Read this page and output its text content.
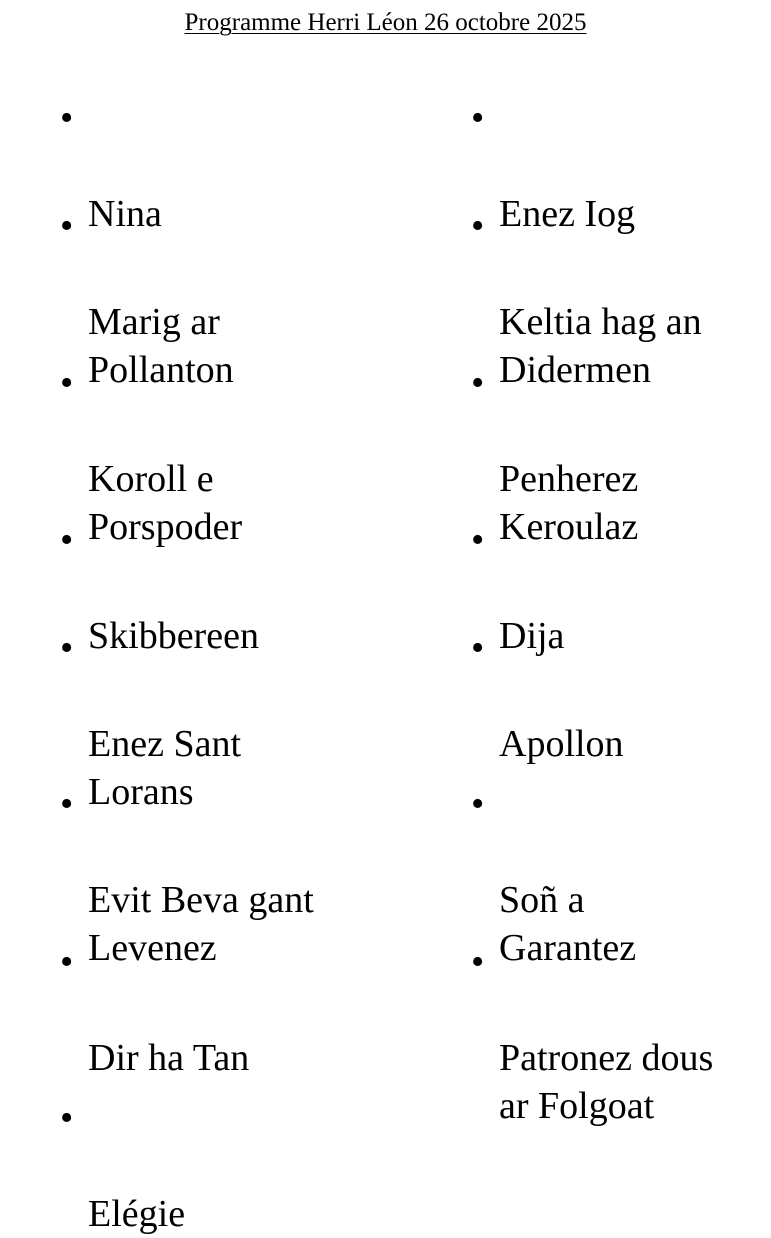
Programme Herri Léon 26 octobre 2025

•

Nina

•

Marig ar
Pollanton

•

Koroll e
Porspoder

•

Skibbereen

•

Enez Sant
Lorans

•

Evit Beva gant
Levenez

•

Dir ha Tan

•

Elégie

•

Enez Iog

•

Keltia hag an
Didermen

•

Penherez
Keroulaz

•

Dija

•

Apollon

•

Soñ a
Garantez

•

Patronez dous
ar Folgoat
